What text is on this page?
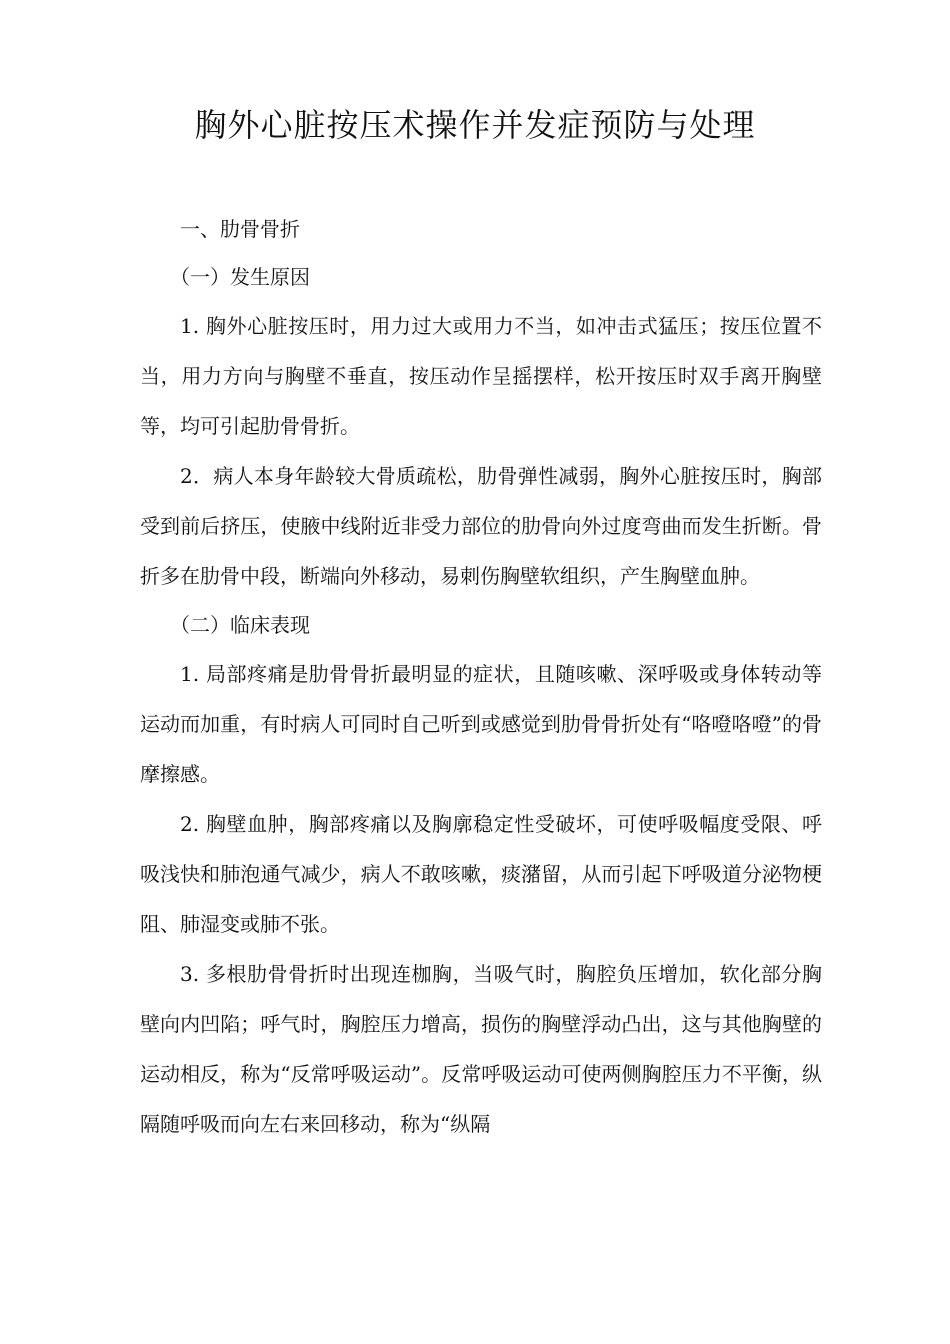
胸外心脏按压术操作并发症预防与处理

一、肋骨骨折

（一）发生原因

1. 胸外心脏按压时，用力过大或用力不当，如冲击式猛压；按压位置不当，用力方向与胸壁不垂直，按压动作呈摇摆样，松开按压时双手离开胸壁等，均可引起肋骨骨折。

2．病人本身年龄较大骨质疏松，肋骨弹性减弱，胸外心脏按压时，胸部受到前后挤压，使腋中线附近非受力部位的肋骨向外过度弯曲而发生折断。骨折多在肋骨中段，断端向外移动，易刺伤胸壁软组织，产生胸壁血肿。

（二）临床表现

1. 局部疼痛是肋骨骨折最明显的症状，且随咳嗽、深呼吸或身体转动等运动而加重，有时病人可同时自己听到或感觉到肋骨骨折处有“咯噔咯噔”的骨摩擦感。

2. 胸壁血肿，胸部疼痛以及胸廓稳定性受破坏，可使呼吸幅度受限、呼吸浅快和肺泡通气减少，病人不敢咳嗽，痰潴留，从而引起下呼吸道分泌物梗阻、肺湿变或肺不张。

3. 多根肋骨骨折时出现连枷胸，当吸气时，胸腔负压增加，软化部分胸壁向内凹陷；呼气时，胸腔压力增高，损伤的胸壁浮动凸出，这与其他胸壁的运动相反，称为“反常呼吸运动”。反常呼吸运动可使两侧胸腔压力不平衡，纵隔随呼吸而向左右来回移动，称为“纵隔
